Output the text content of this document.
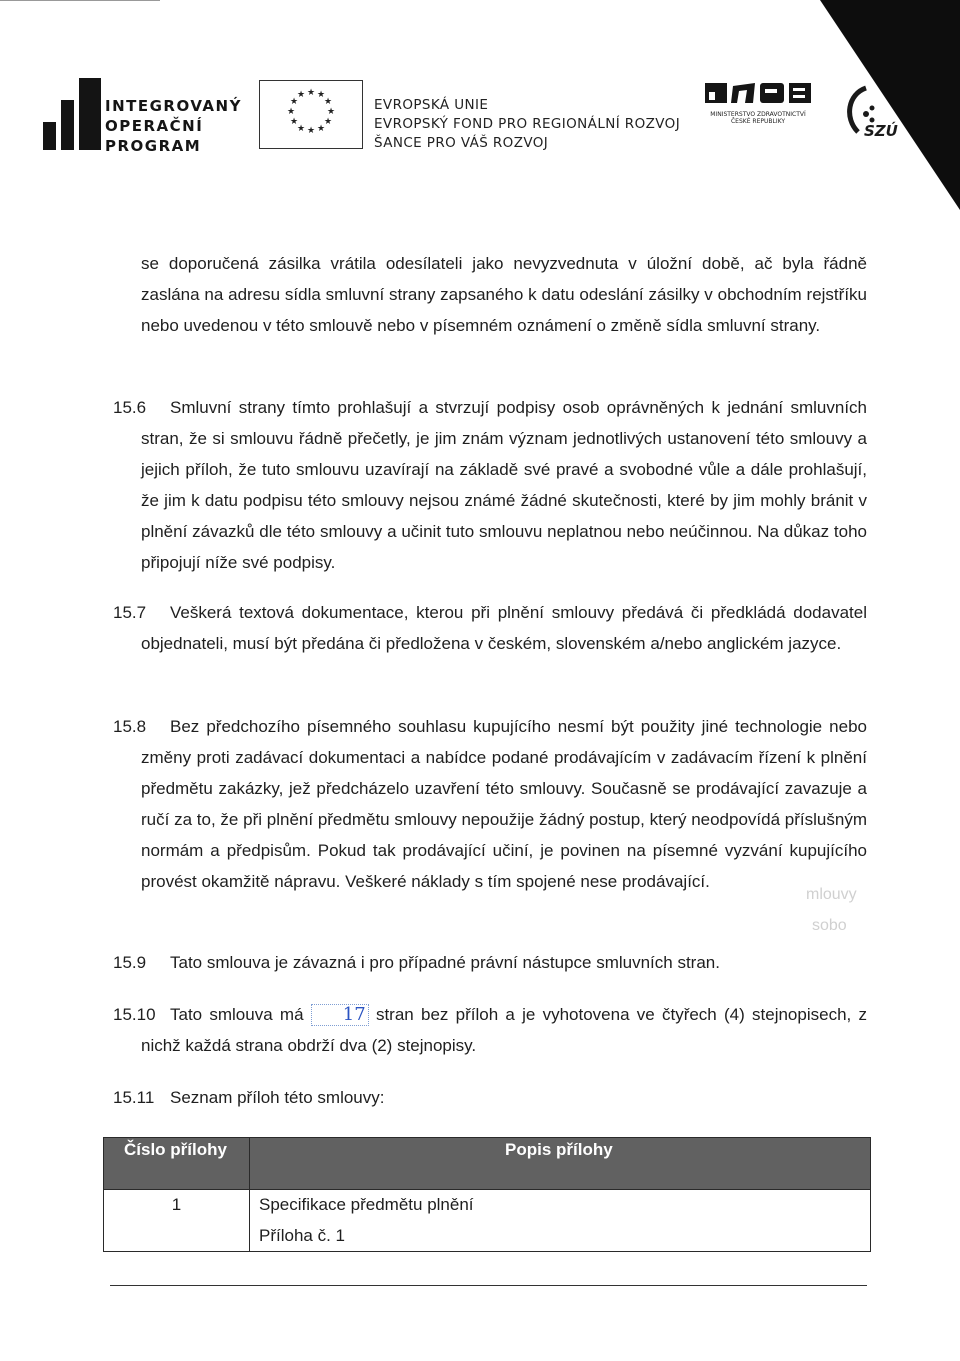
INTEGROVANÝ
OPERAČNÍ
PROGRAM
★ ★
★
★
★
★
★
★
★
★
★
★
EVROPSKÁ UNIE
EVROPSKÝ FOND PRO REGIONÁLNÍ ROZVOJ
ŠANCE PRO VÁŠ ROZVOJ
MINISTERSTVO ZDRAVOTNICTVÍ
ČESKÉ REPUBLIKY
SZÚ
se doporučená zásilka vrátila odesílateli jako nevyzvednuta v úložní době, ač byla řádně zaslána na adresu sídla smluvní strany zapsaného k datu odeslání zásilky v obchodním rejstříku nebo uvedenou v této smlouvě nebo v písemném oznámení o změně sídla smluvní strany.
15.6	Smluvní strany tímto prohlašují a stvrzují podpisy osob oprávněných k jednání smluvních stran, že si smlouvu řádně přečetly, je jim znám význam jednotlivých ustanovení této smlouvy a jejich příloh, že tuto smlouvu uzavírají na základě své pravé a svobodné vůle a dále prohlašují, že jim k datu podpisu této smlouvy nejsou známé žádné skutečnosti, které by jim mohly bránit v plnění závazků dle této smlouvy a učinit tuto smlouvu neplatnou nebo neúčinnou. Na důkaz toho připojují níže své podpisy.
15.7	Veškerá textová dokumentace, kterou při plnění smlouvy předává či předkládá dodavatel objednateli, musí být předána či předložena v českém, slovenském a/nebo anglickém jazyce.
15.8	Bez předchozího písemného souhlasu kupujícího nesmí být použity jiné technologie nebo změny proti zadávací dokumentaci a nabídce podané prodávajícím v zadávacím řízení k plnění předmětu zakázky, jež předcházelo uzavření této smlouvy. Současně se prodávající zavazuje a ručí za to, že při plnění předmětu smlouvy nepoužije žádný postup, který neodpovídá příslušným normám a předpisům. Pokud tak prodávající učiní, je povinen na písemné vyzvání kupujícího provést okamžitě nápravu. Veškeré náklady s tím spojené nese prodávající.
mlouvy
sobo
15.9	Tato smlouva je závazná i pro případné právní nástupce smluvních stran.
15.10 Tato smlouva má 17 stran bez příloh a je vyhotovena ve čtyřech (4) stejnopisech, z nichž každá strana obdrží dva (2) stejnopisy.
15.11 Seznam příloh této smlouvy:
Číslo přílohy	Popis přílohy
1	Specifikace předmětu plnění
Příloha č. 1
